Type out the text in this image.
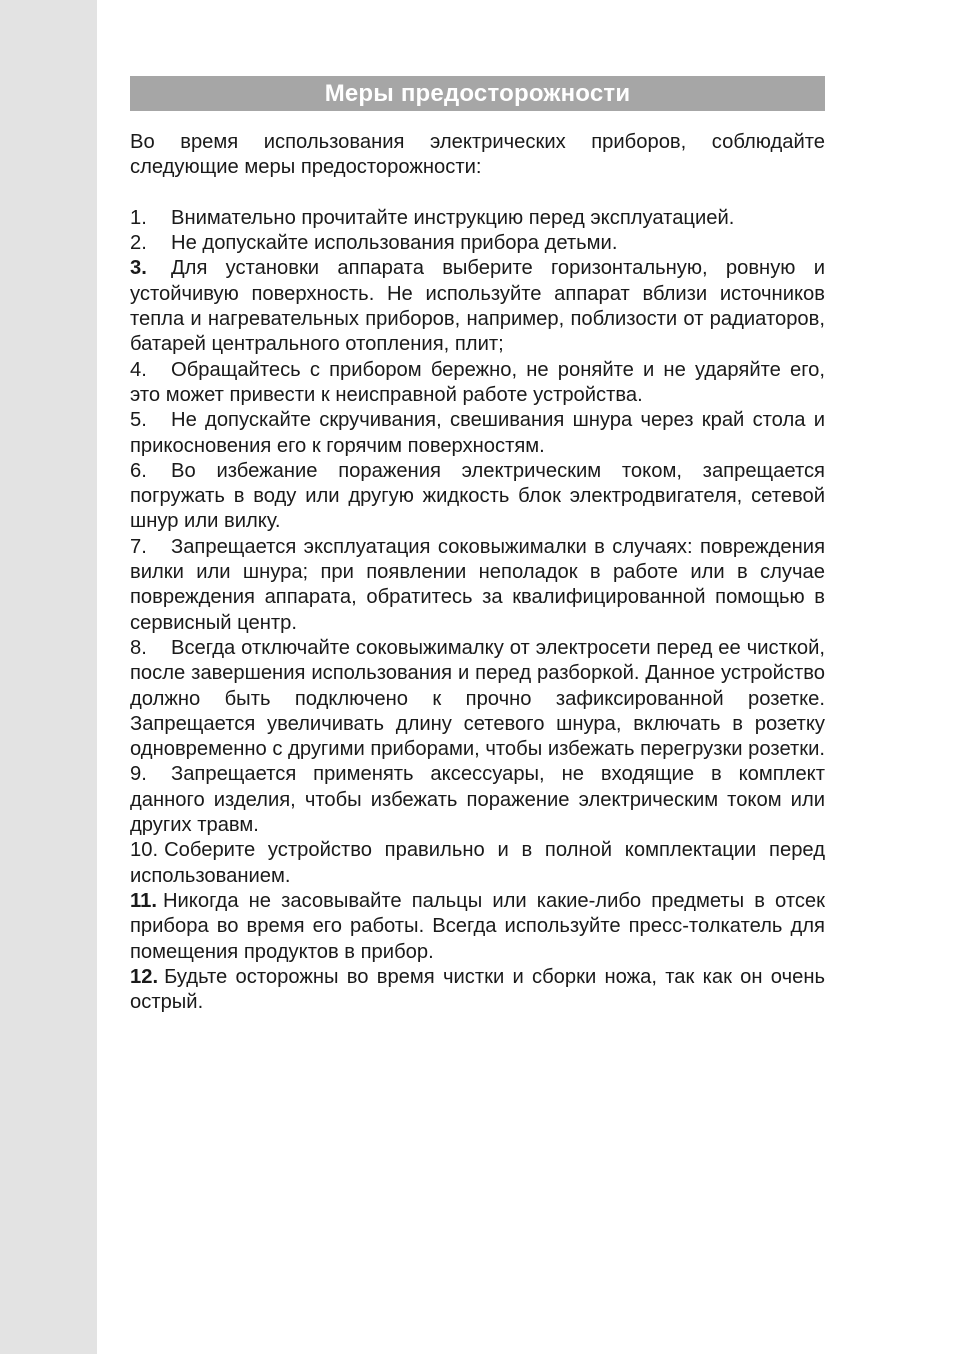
Меры предосторожности

Во время использования электрических приборов, соблюдайте следующие меры предосторожности:

1. Внимательно прочитайте инструкцию перед эксплуатацией.
2. Не допускайте использования прибора детьми.
3. Для установки аппарата выберите горизонтальную, ровную и устойчивую поверхность. Не используйте аппарат вблизи источников тепла и нагревательных приборов, например, поблизости от радиаторов, батарей центрального отопления, плит;
4. Обращайтесь с прибором бережно, не роняйте и не ударяйте его, это может привести к неисправной работе устройства.
5. Не допускайте скручивания, свешивания шнура через край стола и прикосновения его к горячим поверхностям.
6. Во избежание поражения электрическим током, запрещается погружать в воду или другую жидкость блок электродвигателя, сетевой шнур или вилку.
7. Запрещается эксплуатация соковыжималки в случаях: повреждения вилки или шнура; при появлении неполадок в работе или в случае повреждения аппарата, обратитесь за квалифицированной помощью в сервисный центр.
8. Всегда отключайте соковыжималку от электросети перед ее чисткой, после завершения использования и перед разборкой. Данное устройство должно быть подключено к прочно зафиксированной розетке. Запрещается увеличивать длину сетевого шнура, включать в розетку одновременно с другими приборами, чтобы избежать перегрузки розетки.
9. Запрещается применять аксессуары, не входящие в комплект данного изделия, чтобы избежать поражение электрическим током или других травм.
10. Соберите устройство правильно и в полной комплектации перед использованием.
11. Никогда не засовывайте пальцы или какие-либо предметы в отсек прибора во время его работы. Всегда используйте пресс-толкатель для помещения продуктов в прибор.
12. Будьте осторожны во время чистки и сборки ножа, так как он очень острый.
